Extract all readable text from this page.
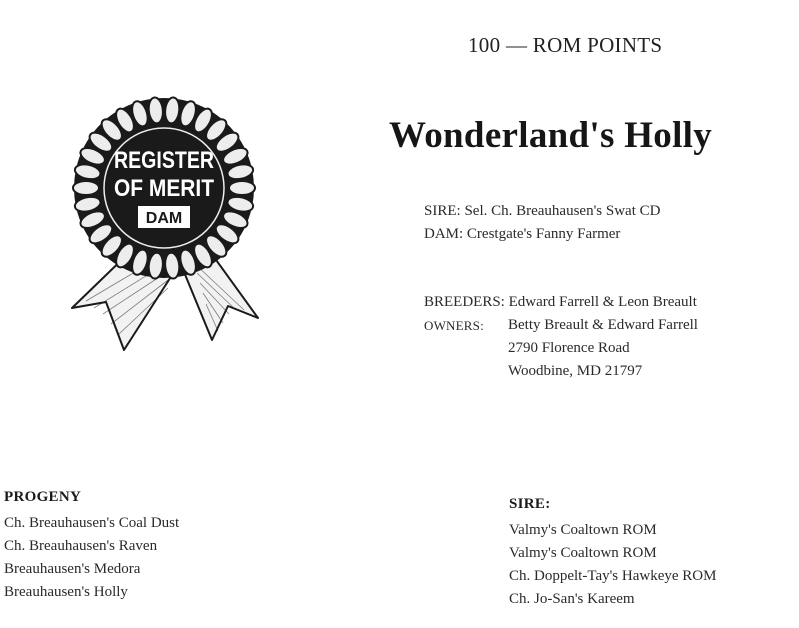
REGISTER
OF MERIT
DAM
100 — ROM POINTS
Wonderland's Holly
SIRE: Sel. Ch. Breauhausen's Swat CD
DAM: Crestgate's Fanny Farmer
BREEDERS: Edward Farrell & Leon Breault
OWNERS:	Betty Breault & Edward Farrell
2790 Florence Road
Woodbine, MD 21797
PROGENY
Ch. Breauhausen's Coal Dust
Ch. Breauhausen's Raven
Breauhausen's Medora
Breauhausen's Holly
SIRE:
Valmy's Coaltown ROM
Valmy's Coaltown ROM
Ch. Doppelt-Tay's Hawkeye ROM
Ch. Jo-San's Kareem
